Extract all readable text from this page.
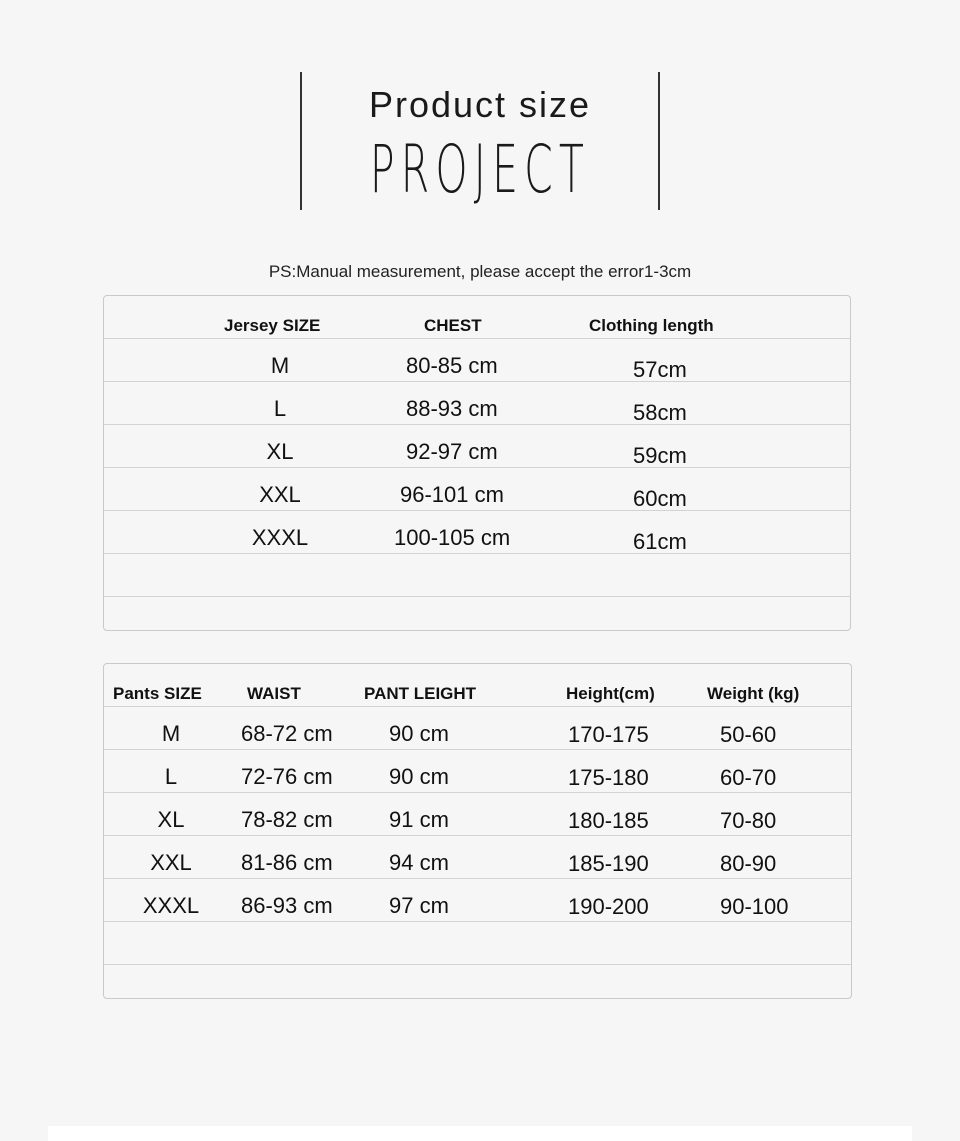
Product size
PROJECT
PS:Manual measurement, please accept the error1-3cm
Jersey SIZE	CHEST	Clothing length
M	80-85 cm	57cm
L	88-93 cm	58cm
XL	92-97 cm	59cm
XXL	96-101 cm	60cm
XXXL	100-105 cm	61cm
Pants SIZE	WAIST	PANT LEIGHT	Height(cm)	Weight (kg)
M	68-72 cm	90 cm	170-175	50-60
L	72-76 cm	90 cm	175-180	60-70
XL	78-82 cm	91 cm	180-185	70-80
XXL 81-86 cm	94 cm	185-190	80-90
XXXL 86-93 cm	97 cm	190-200	90-100
